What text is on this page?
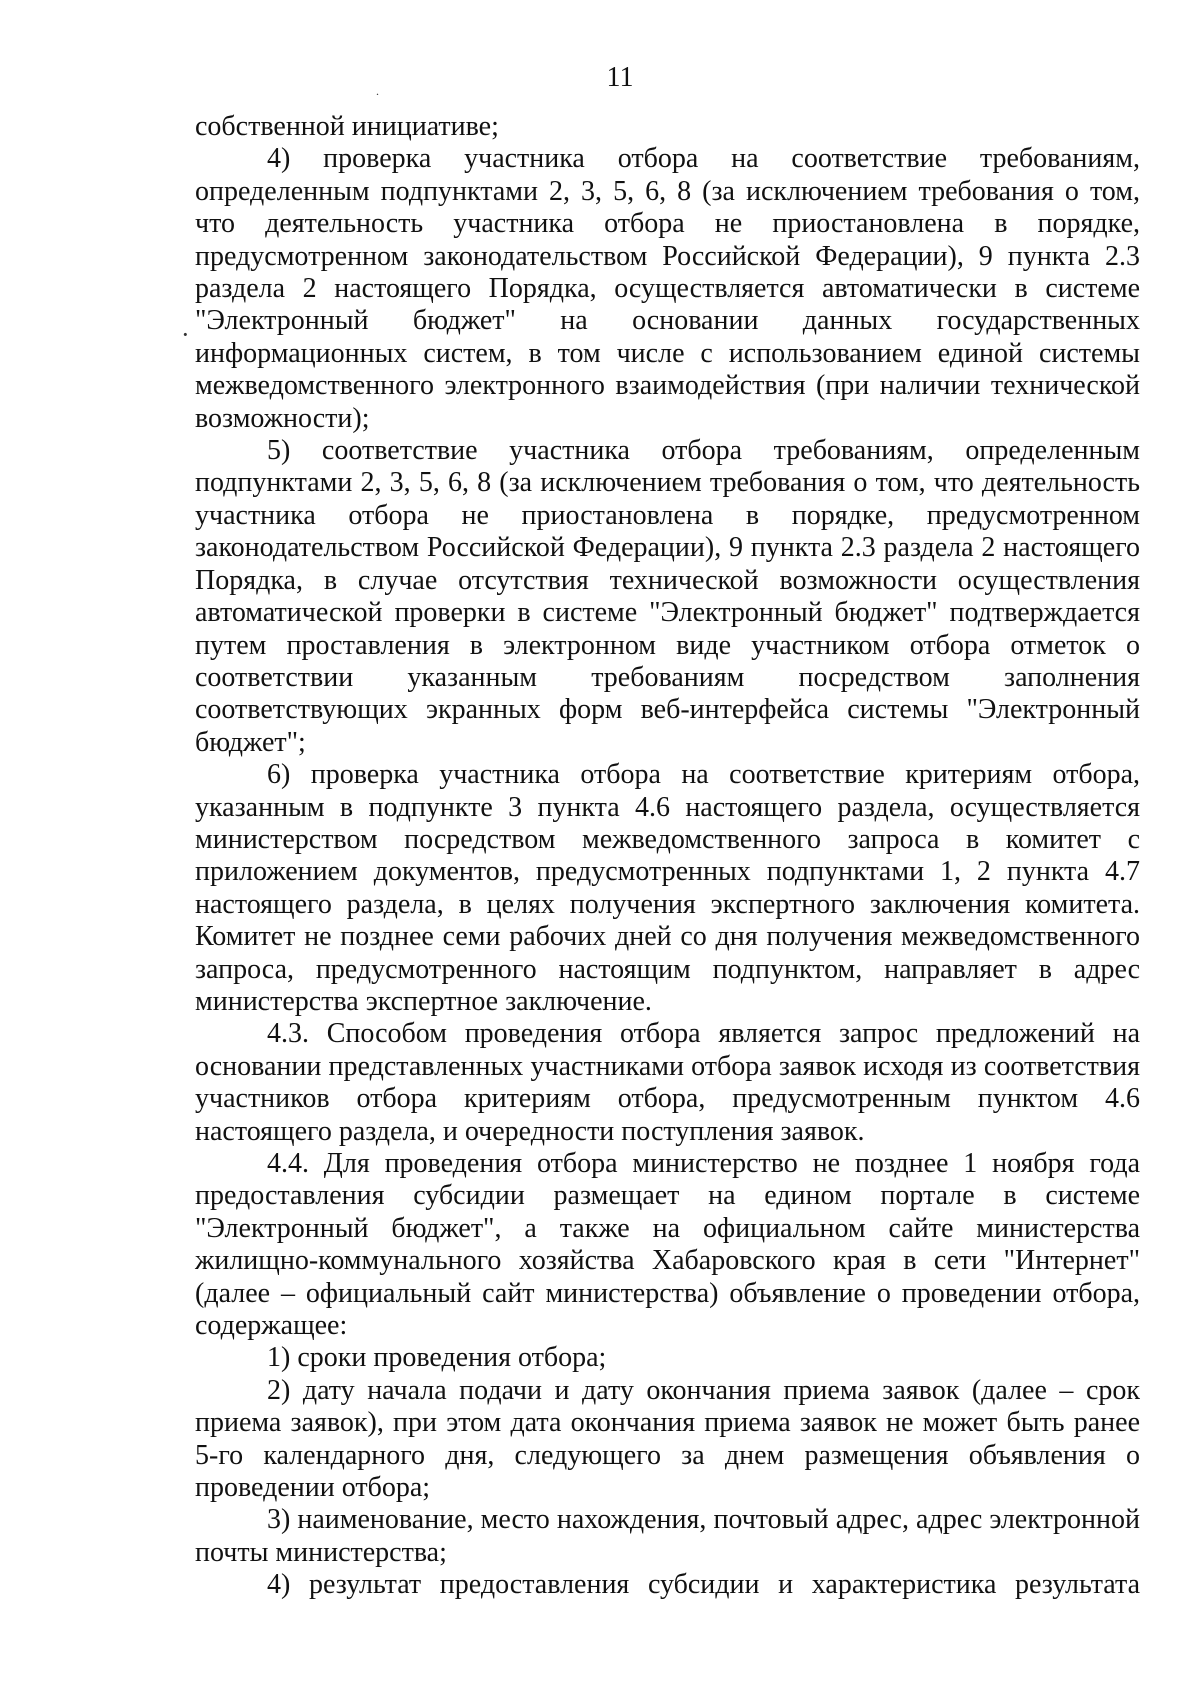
11
.
·

собственной инициативе;

4) проверка участника отбора на соответствие требованиям, определенным подпунктами 2, 3, 5, 6, 8 (за исключением требования о том, что деятельность участника отбора не приостановлена в порядке, предусмотренном законодательством Российской Федерации), 9 пункта 2.3 раздела 2 настоящего Порядка, осуществляется автоматически в системе "Электронный бюджет" на основании данных государственных информационных систем, в том числе с использованием единой системы межведомственного электронного взаимодействия (при наличии технической возможности);

5) соответствие участника отбора требованиям, определенным подпунктами 2, 3, 5, 6, 8 (за исключением требования о том, что деятельность участника отбора не приостановлена в порядке, предусмотренном законодательством Российской Федерации), 9 пункта 2.3 раздела 2 настоящего Порядка, в случае отсутствия технической возможности осуществления автоматической проверки в системе "Электронный бюджет" подтверждается путем проставления в электронном виде участником отбора отметок о соответствии указанным требованиям посредством заполнения соответствующих экранных форм веб-интерфейса системы "Электронный бюджет";

6) проверка участника отбора на соответствие критериям отбора, указанным в подпункте 3 пункта 4.6 настоящего раздела, осуществляется министерством посредством межведомственного запроса в комитет с приложением документов, предусмотренных подпунктами 1, 2 пункта 4.7 настоящего раздела, в целях получения экспертного заключения комитета. Комитет не позднее семи рабочих дней со дня получения межведомственного запроса, предусмотренного настоящим подпунктом, направляет в адрес министерства экспертное заключение.

4.3. Способом проведения отбора является запрос предложений на основании представленных участниками отбора заявок исходя из соответствия участников отбора критериям отбора, предусмотренным пунктом 4.6 настоящего раздела, и очередности поступления заявок.

4.4. Для проведения отбора министерство не позднее 1 ноября года предоставления субсидии размещает на едином портале в системе "Электронный бюджет", а также на официальном сайте министерства жилищно-коммунального хозяйства Хабаровского края в сети "Интернет" (далее – официальный сайт министерства) объявление о проведении отбора, содержащее:

1) сроки проведения отбора;

2) дату начала подачи и дату окончания приема заявок (далее – срок приема заявок), при этом дата окончания приема заявок не может быть ранее 5-го календарного дня, следующего за днем размещения объявления о проведении отбора;

3) наименование, место нахождения, почтовый адрес, адрес электронной почты министерства;

4) результат предоставления субсидии и характеристика результата
